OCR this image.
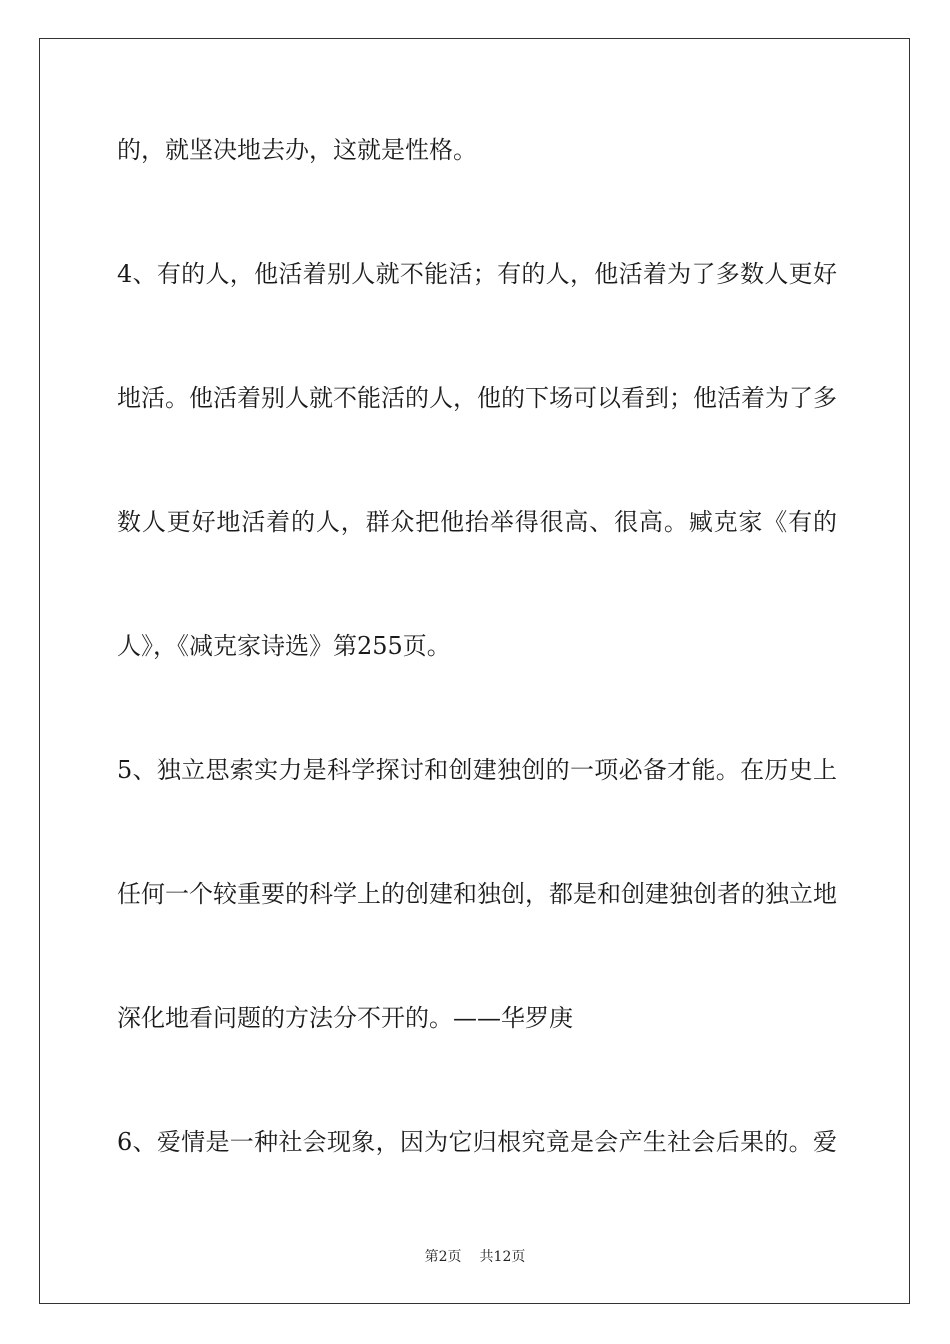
的，就坚决地去办，这就是性格。
4、有的人，他活着别人就不能活；有的人，他活着为了多数人更好
地活。他活着别人就不能活的人，他的下场可以看到；他活着为了多
数人更好地活着的人，群众把他抬举得很高、很高。臧克家《有的
人》，《减克家诗选》第255页。
5、独立思索实力是科学探讨和创建独创的一项必备才能。在历史上
任何一个较重要的科学上的创建和独创，都是和创建独创者的独立地
深化地看问题的方法分不开的。——华罗庚
6、爱情是一种社会现象，因为它归根究竟是会产生社会后果的。爱
第2页 共12页
